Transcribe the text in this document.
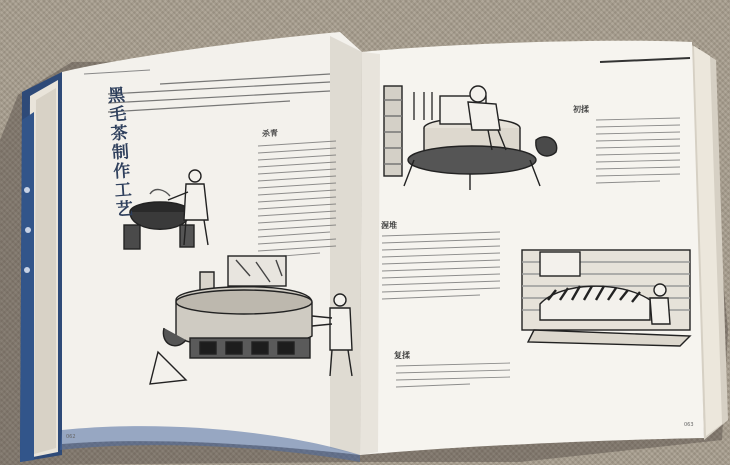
062
063
黑毛茶制作工艺	杀青
初揉
渥堆
复揉
